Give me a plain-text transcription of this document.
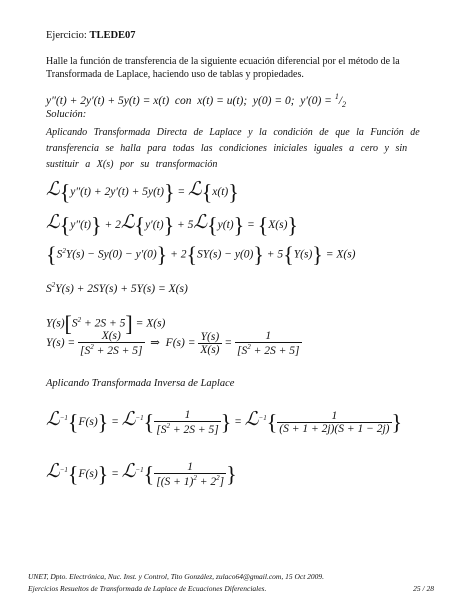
Ejercicio: TLEDE07
Halle la función de transferencia de la siguiente ecuación diferencial por el método de la Transformada de Laplace, haciendo uso de tablas y propiedades.
y″(t) + 2y′(t) + 5y(t) = x(t)  con  x(t) = u(t);  y(0) = 0;  $y'(0) = ^1/_2$
Solución:
Aplicando Transformada Directa de Laplace y la condición de que la Función de transferencia se halla para todas las condiciones iniciales iguales a cero y sin sustituir a X(s) por su transformación
ℒ{y″(t) + 2y′(t) + 5y(t)} = ℒ{x(t)}
ℒ{y″(t)} + 2ℒ{y′(t)} + 5ℒ{y(t)} = {X(s)}
$\{S^2Y(s) - Sy(0) - y'(0)\} + 2\{SY(s) - y(0)\} + 5\{Y(s)\} = X(s)$
$S^2Y(s) + 2SY(s) + 5Y(s) = X(s)$
$Y(s)[S^2 + 2S + 5] = X(s)$
$Y(s) = \frac{X(s)}{[S^2 + 2S + 5]}$ ⇒  $F(s) = \frac{Y(s)}{X(s)} = \frac{1}{[S^2 + 2S + 5]}$
Aplicando Transformada Inversa de Laplace
ℒ$^{-1}${F(s)} = ℒ$^{-1}${ $\frac{1}{[S^2 + 2S + 5]}$ } = ℒ$^{-1}${ $\frac{1}{(S + 1 + 2j)(S + 1 - 2j)}$ }
ℒ$^{-1}${F(s)} = ℒ$^{-1}${ $\frac{1}{[(S + 1)^2 + 2^2]}$ }
UNET, Dpto. Electrónica, Nuc. Inst. y Control, Tito González, zulaco64@gmail.com, 15 Oct 2009.
Ejercicios Resueltos de Transformada de Laplace de Ecuaciones Diferenciales.	25 / 28
